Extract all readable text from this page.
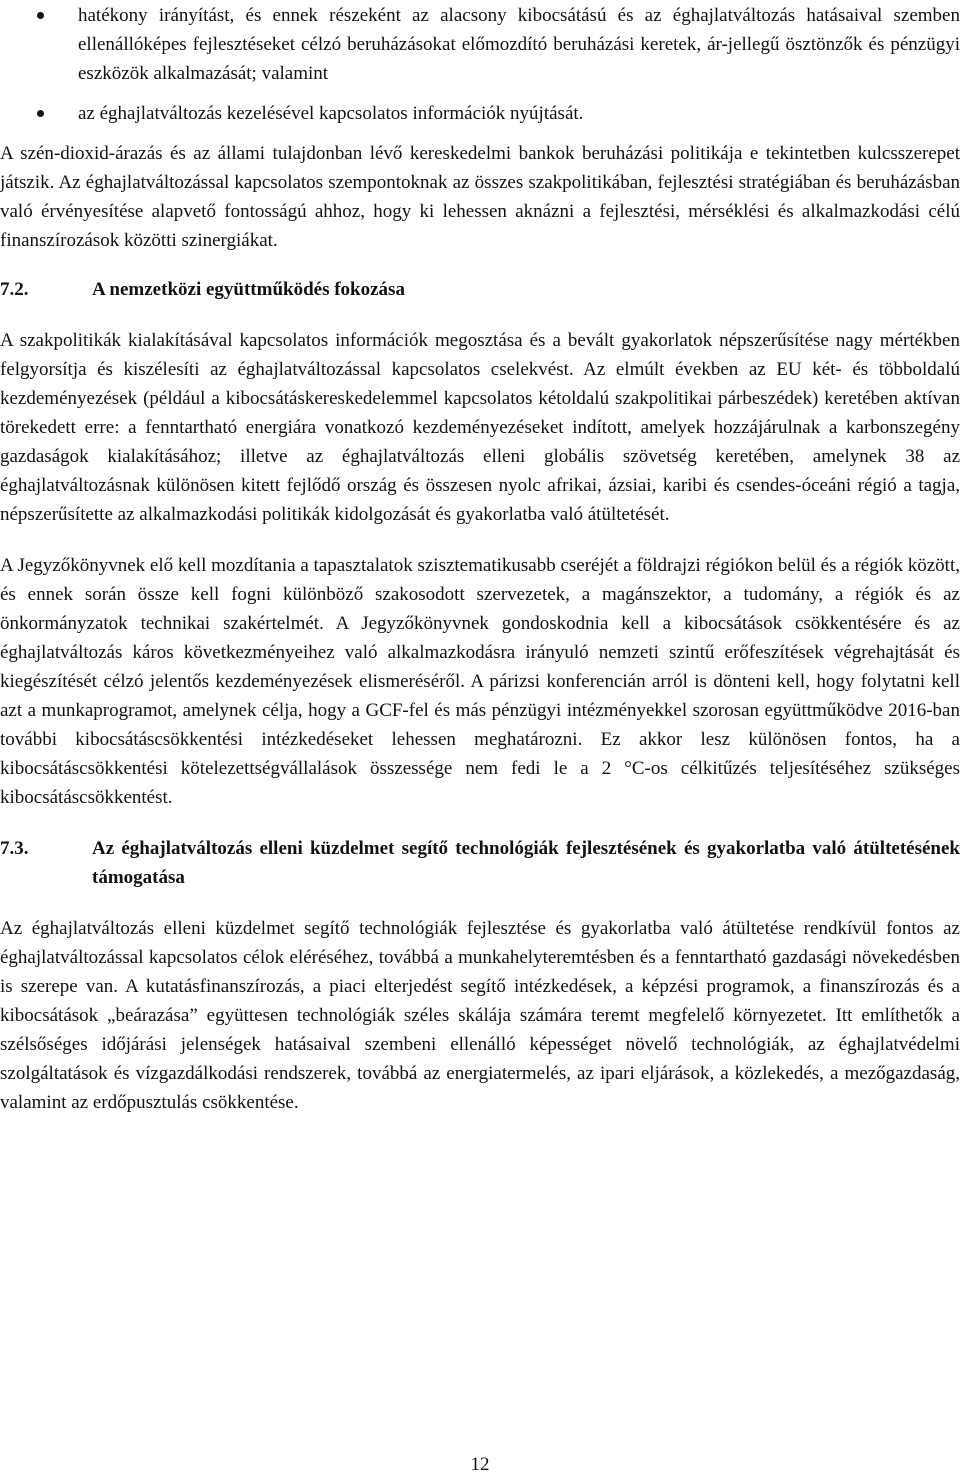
hatékony irányítást, és ennek részeként az alacsony kibocsátású és az éghajlatváltozás hatásaival szemben ellenállóképes fejlesztéseket célzó beruházásokat előmozdító beruházási keretek, ár-jellegű ösztönzők és pénzügyi eszközök alkalmazását; valamint
az éghajlatváltozás kezelésével kapcsolatos információk nyújtását.

A szén-dioxid-árazás és az állami tulajdonban lévő kereskedelmi bankok beruházási politikája e tekintetben kulcsszerepet játszik. Az éghajlatváltozással kapcsolatos szempontoknak az összes szakpolitikában, fejlesztési stratégiában és beruházásban való érvényesítése alapvető fontosságú ahhoz, hogy ki lehessen aknázni a fejlesztési, mérséklési és alkalmazkodási célú finanszírozások közötti szinergiákat.

7.2.	A nemzetközi együttműködés fokozása

A szakpolitikák kialakításával kapcsolatos információk megosztása és a bevált gyakorlatok népszerűsítése nagy mértékben felgyorsítja és kiszélesíti az éghajlatváltozással kapcsolatos cselekvést. Az elmúlt években az EU két- és többoldalú kezdeményezések (például a kibocsátáskereskedelemmel kapcsolatos kétoldalú szakpolitikai párbeszédek) keretében aktívan törekedett erre: a fenntartható energiára vonatkozó kezdeményezéseket indított, amelyek hozzájárulnak a karbonszegény gazdaságok kialakításához; illetve az éghajlatváltozás elleni globális szövetség keretében, amelynek 38 az éghajlatváltozásnak különösen kitett fejlődő ország és összesen nyolc afrikai, ázsiai, karibi és csendes-óceáni régió a tagja, népszerűsítette az alkalmazkodási politikák kidolgozását és gyakorlatba való átültetését.

A Jegyzőkönyvnek elő kell mozdítania a tapasztalatok szisztematikusabb cseréjét a földrajzi régiókon belül és a régiók között, és ennek során össze kell fogni különböző szakosodott szervezetek, a magánszektor, a tudomány, a régiók és az önkormányzatok technikai szakértelmét. A Jegyzőkönyvnek gondoskodnia kell a kibocsátások csökkentésére és az éghajlatváltozás káros következményeihez való alkalmazkodásra irányuló nemzeti szintű erőfeszítések végrehajtását és kiegészítését célzó jelentős kezdeményezések elismeréséről. A párizsi konferencián arról is dönteni kell, hogy folytatni kell azt a munkaprogramot, amelynek célja, hogy a GCF-fel és más pénzügyi intézményekkel szorosan együttműködve 2016-ban további kibocsátáscsökkentési intézkedéseket lehessen meghatározni. Ez akkor lesz különösen fontos, ha a kibocsátáscsökkentési kötelezettségvállalások összessége nem fedi le a 2 °C-os célkitűzés teljesítéséhez szükséges kibocsátáscsökkentést.

7.3.	Az éghajlatváltozás elleni küzdelmet segítő technológiák fejlesztésének és gyakorlatba való átültetésének támogatása

Az éghajlatváltozás elleni küzdelmet segítő technológiák fejlesztése és gyakorlatba való átültetése rendkívül fontos az éghajlatváltozással kapcsolatos célok eléréséhez, továbbá a munkahelyteremtésben és a fenntartható gazdasági növekedésben is szerepe van. A kutatásfinanszírozás, a piaci elterjedést segítő intézkedések, a képzési programok, a finanszírozás és a kibocsátások „beárazása” együttesen technológiák széles skálája számára teremt megfelelő környezetet. Itt említhetők a szélsőséges időjárási jelenségek hatásaival szembeni ellenálló képességet növelő technológiák, az éghajlatvédelmi szolgáltatások és vízgazdálkodási rendszerek, továbbá az energiatermelés, az ipari eljárások, a közlekedés, a mezőgazdaság, valamint az erdőpusztulás csökkentése.

12
